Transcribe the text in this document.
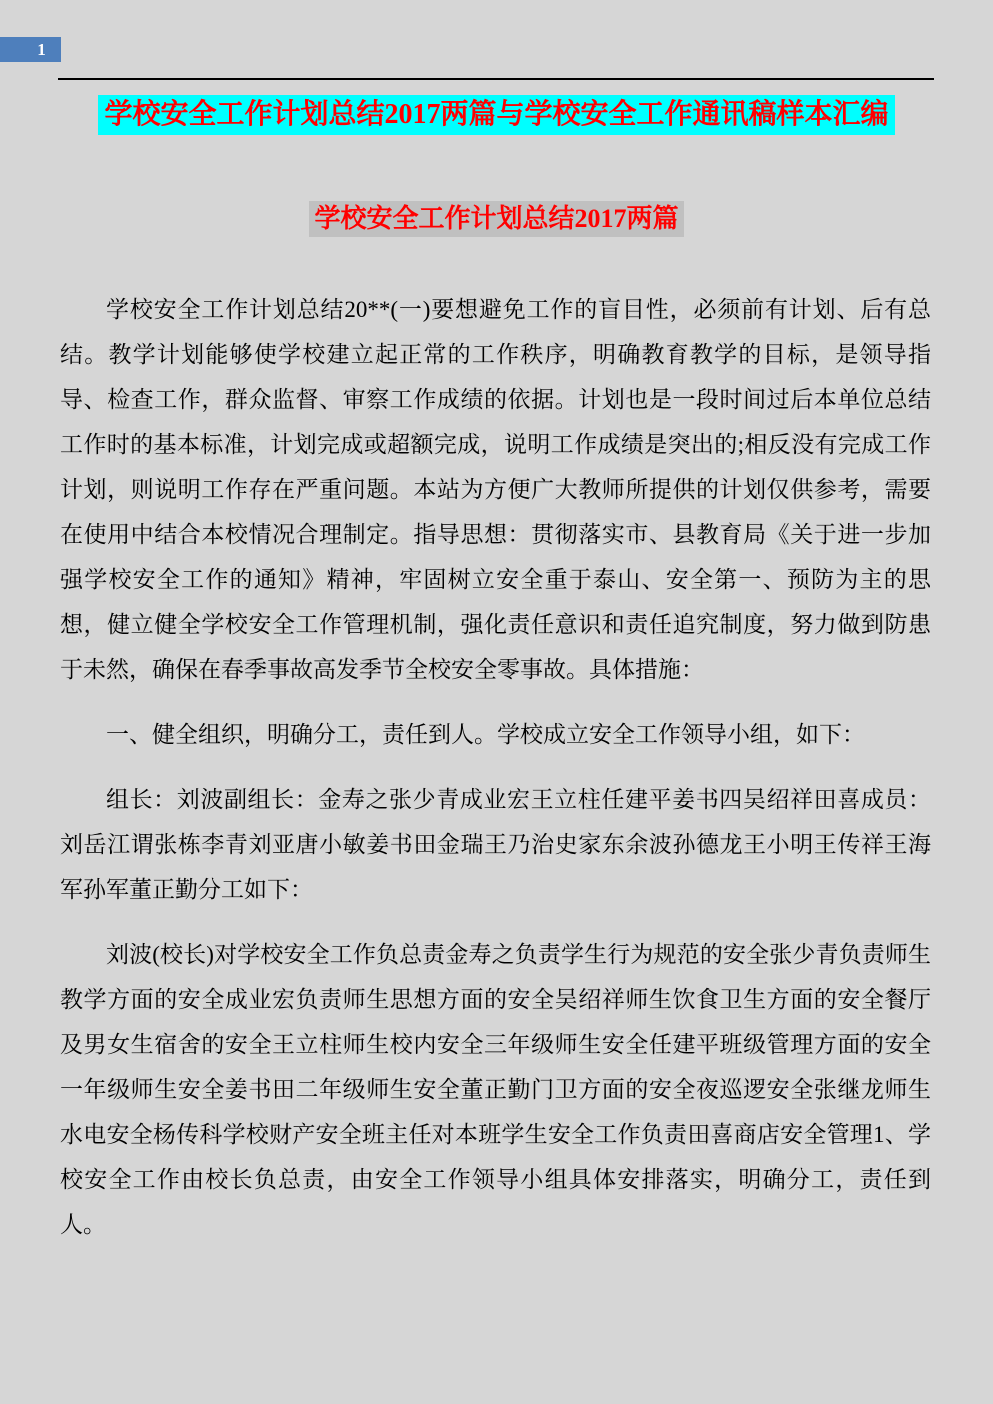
1
学校安全工作计划总结2017两篇与学校安全工作通讯稿样本汇编
学校安全工作计划总结2017两篇

学校安全工作计划总结20**(一)要想避免工作的盲目性，必须前有计划、后有总结。教学计划能够使学校建立起正常的工作秩序，明确教育教学的目标，是领导指导、检查工作，群众监督、审察工作成绩的依据。计划也是一段时间过后本单位总结工作时的基本标准，计划完成或超额完成，说明工作成绩是突出的;相反没有完成工作计划，则说明工作存在严重问题。本站为方便广大教师所提供的计划仅供参考，需要在使用中结合本校情况合理制定。指导思想：贯彻落实市、县教育局《关于进一步加强学校安全工作的通知》精神，牢固树立安全重于泰山、安全第一、预防为主的思想，健立健全学校安全工作管理机制，强化责任意识和责任追究制度，努力做到防患于未然，确保在春季事故高发季节全校安全零事故。具体措施：

一、健全组织，明确分工，责任到人。学校成立安全工作领导小组，如下：

组长：刘波副组长：金寿之张少青成业宏王立柱任建平姜书四吴绍祥田喜成员：刘岳江谓张栋李青刘亚唐小敏姜书田金瑞王乃治史家东余波孙德龙王小明王传祥王海军孙军董正勤分工如下：

刘波(校长)对学校安全工作负总责金寿之负责学生行为规范的安全张少青负责师生教学方面的安全成业宏负责师生思想方面的安全吴绍祥师生饮食卫生方面的安全餐厅及男女生宿舍的安全王立柱师生校内安全三年级师生安全任建平班级管理方面的安全一年级师生安全姜书田二年级师生安全董正勤门卫方面的安全夜巡逻安全张继龙师生水电安全杨传科学校财产安全班主任对本班学生安全工作负责田喜商店安全管理1、学校安全工作由校长负总责，由安全工作领导小组具体安排落实，明确分工，责任到人。
